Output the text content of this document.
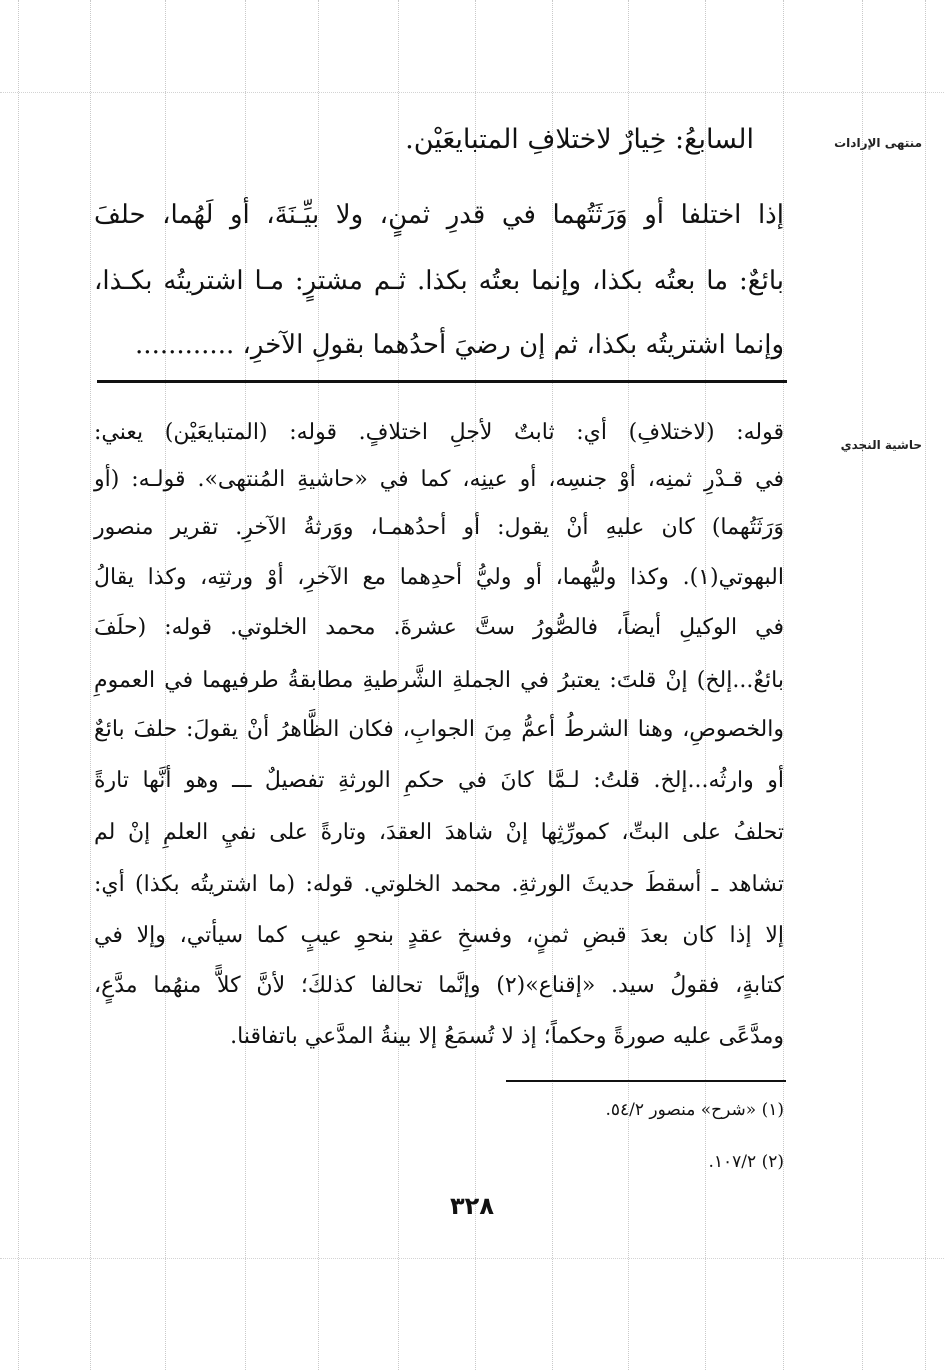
منتهى الإرادات
حاشية النجدي
السابعُ: خِيارٌ لاختلافِ المتبايعَيْن.
إذا اختلفا أو وَرَثَتُهما في قدرِ ثمنٍ، ولا بيِّـنَةَ، أو لَهُما، حلفَ
بائعٌ: ما بعتُه بكذا، وإنما بعتُه بكذا. ثـم مشترٍ: مـا اشتريتُه بكـذا،
وإنما اشتريتُه بكذا، ثم إن رضيَ أحدُهما بقولِ الآخرِ، ............
قوله: (لاختلافِ) أي: ثابتٌ لأجلِ اختلافٍ. قوله: (المتبايعَيْن) يعني:
في قـدْرِ ثمنِه، أوْ جنسِه، أو عينِه، كما في «حاشيةِ المُنتهى». قولـه: (أو
وَرَثَتُهما) كان عليهِ أنْ يقول: أو أحدُهمـا، ووَرثةُ الآخرِ. تقرير منصور
البهوتي(١). وكذا وليُّهما، أو وليُّ أحدِهما مع الآخرِ، أوْ ورثتِه، وكذا يقالُ
في الوكيلِ أيضاً، فالصُّورُ ستَّ عشرةَ. محمد الخلوتي. قوله: (حلَفَ
بائعٌ...إلخ) إنْ قلتَ: يعتبرُ في الجملةِ الشَّرطيةِ مطابقةُ طرفيهما في العمومِ
والخصوصِ، وهنا الشرطُ أعمُّ مِنَ الجوابِ، فكان الظَّاهرُ أنْ يقولَ: حلفَ بائعٌ
أو وارثُه...إلخ. قلتُ: لـمَّا كانَ في حكمِ الورثةِ تفصيلٌ ـــ وهو أنَّها تارةً
تحلفُ على البتِّ، كمورِّثِها إنْ شاهدَ العقدَ، وتارةً على نفيِ العلمِ إنْ لم
تشاهد ـ أسقطَ حديثَ الورثةِ. محمد الخلوتي. قوله: (ما اشتريتُه بكذا) أي:
إلا إذا كان بعدَ قبضِ ثمنٍ، وفسخِ عقدٍ بنحوِ عيبٍ كما سيأتي، وإلا في
كتابةٍ، فقولُ سيد. «إقناع»(٢) وإنَّما تحالفا كذلكَ؛ لأنَّ كلاًّ منهُما مدَّعٍ،
ومدَّعًى عليه صورةً وحكماً؛ إذ لا تُسمَعُ إلا بينةُ المدَّعي باتفاقنا.
(١) «شرح» منصور ٥٤/٢.
(٢) ١٠٧/٢.
٣٢٨
